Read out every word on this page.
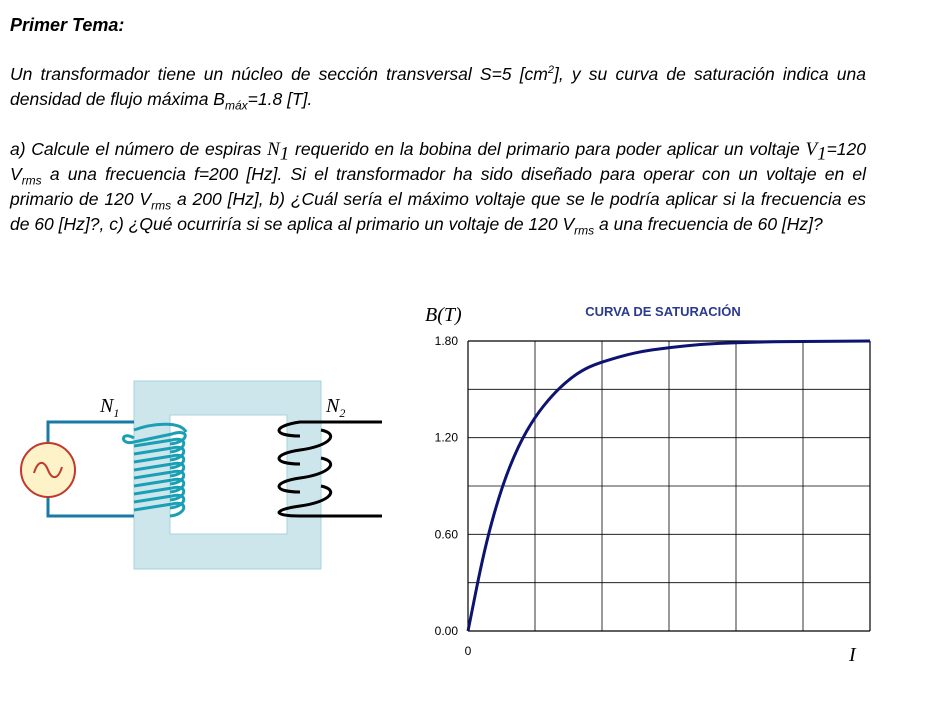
Primer Tema:
Un transformador tiene un núcleo de sección transversal S=5 $[cm^2]$, y su curva de saturación indica una densidad de flujo máxima $B_{máx}=1.8$ [T].
a) Calcule el número de espiras $N_1$ requerido en la bobina del primario para poder aplicar un voltaje $V_1=120$ $V_{rms}$ a una frecuencia f=200 [Hz]. Si el transformador ha sido diseñado para operar con un voltaje en el primario de 120 $V_{rms}$ a 200 [Hz], b) ¿Cuál sería el máximo voltaje que se le podría aplicar si la frecuencia es de 60 [Hz]?, c) ¿Qué ocurriría si se aplica al primario un voltaje de 120 $V_{rms}$ a una frecuencia de 60 [Hz]?
$N_1$	$N_2$
CURVA DE SATURACIÓN
B(T)
I
0.00
0.60
1.20
1.80
0
